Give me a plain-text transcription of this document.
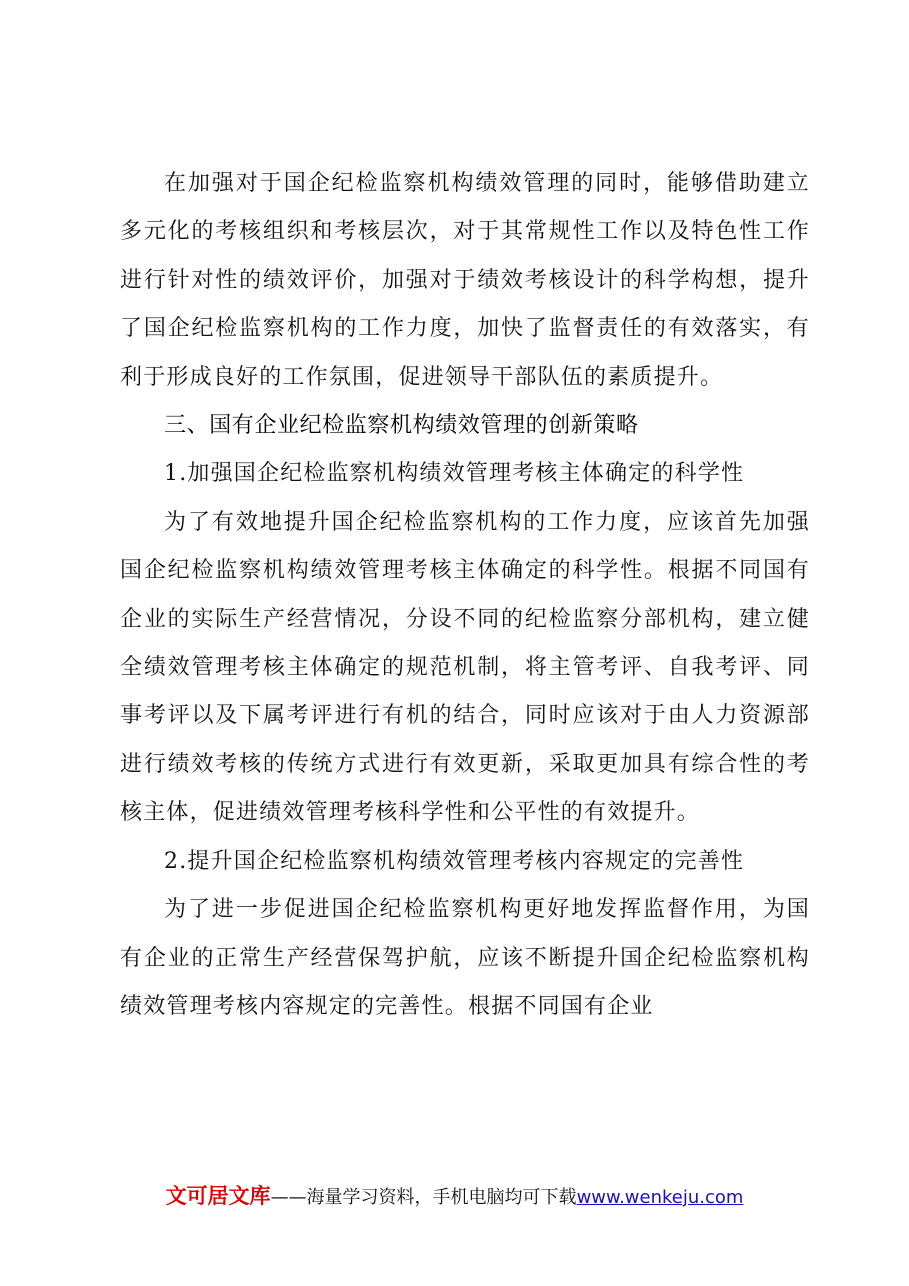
在加强对于国企纪检监察机构绩效管理的同时，能够借助建立多元化的考核组织和考核层次，对于其常规性工作以及特色性工作进行针对性的绩效评价，加强对于绩效考核设计的科学构想，提升了国企纪检监察机构的工作力度，加快了监督责任的有效落实，有利于形成良好的工作氛围，促进领导干部队伍的素质提升。

三、国有企业纪检监察机构绩效管理的创新策略

1.加强国企纪检监察机构绩效管理考核主体确定的科学性

为了有效地提升国企纪检监察机构的工作力度，应该首先加强国企纪检监察机构绩效管理考核主体确定的科学性。根据不同国有企业的实际生产经营情况，分设不同的纪检监察分部机构，建立健全绩效管理考核主体确定的规范机制，将主管考评、自我考评、同事考评以及下属考评进行有机的结合，同时应该对于由人力资源部进行绩效考核的传统方式进行有效更新，采取更加具有综合性的考核主体，促进绩效管理考核科学性和公平性的有效提升。

2.提升国企纪检监察机构绩效管理考核内容规定的完善性

为了进一步促进国企纪检监察机构更好地发挥监督作用，为国有企业的正常生产经营保驾护航，应该不断提升国企纪检监察机构绩效管理考核内容规定的完善性。根据不同国有企业

文可居文库——海量学习资料，手机电脑均可下载www.wenkeju.com
